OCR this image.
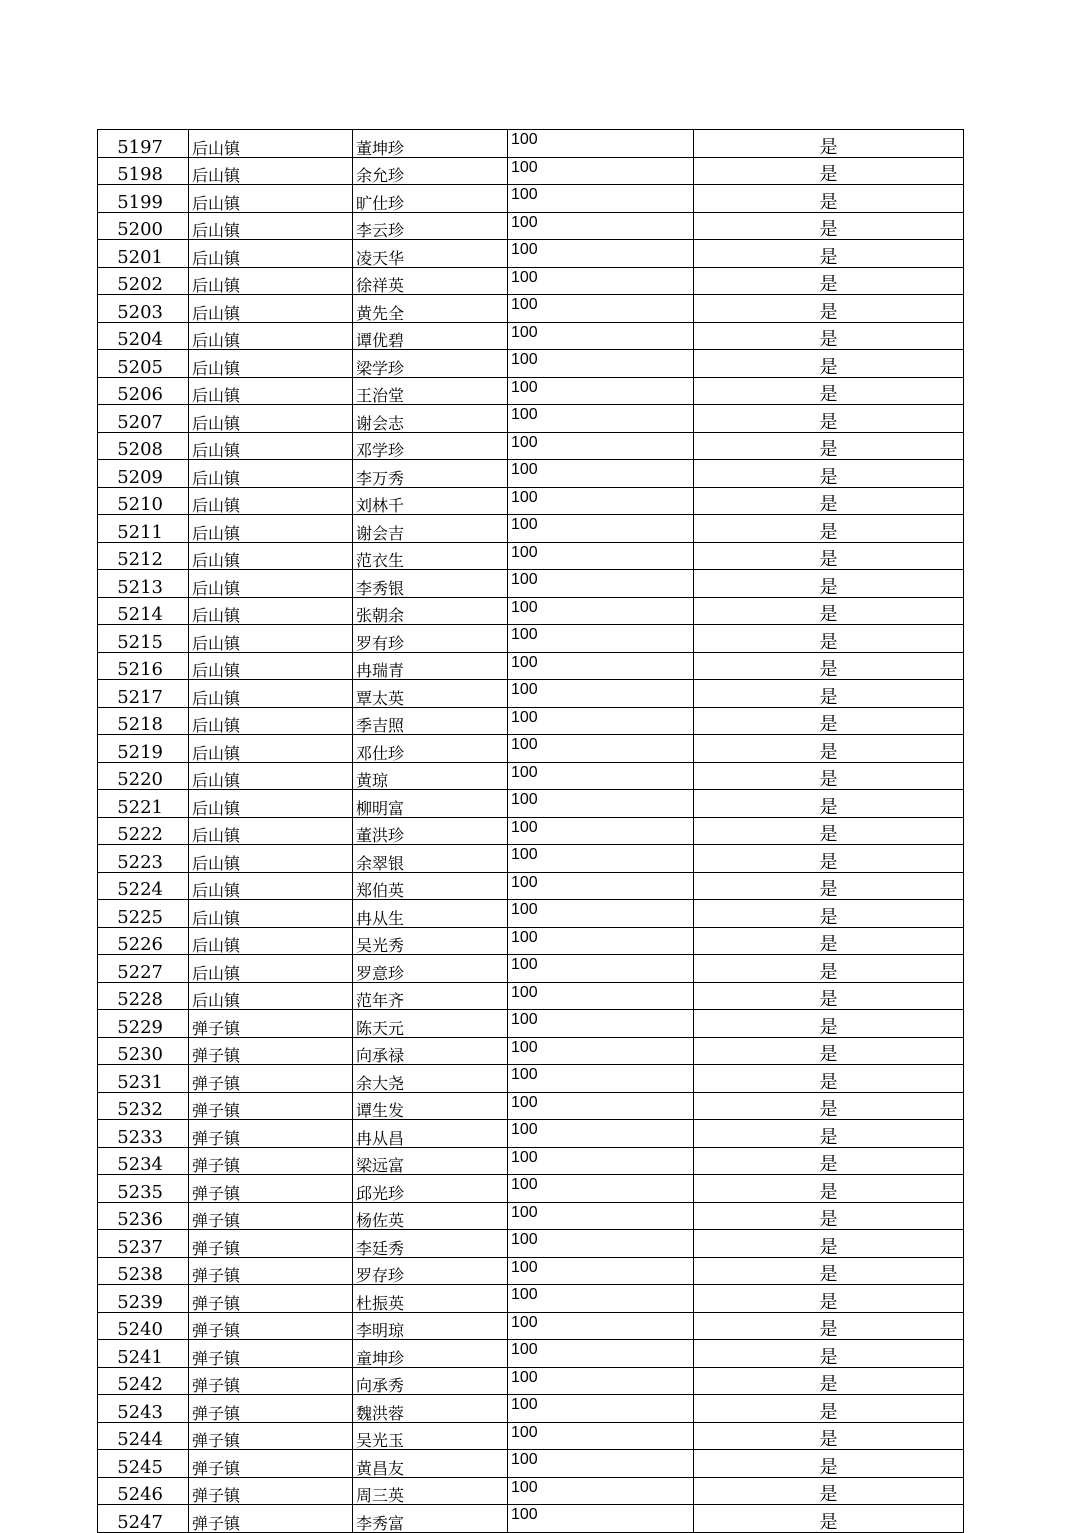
5197	后山镇	董坤珍	100	是
5198	后山镇	余允珍	100	是
5199	后山镇	旷仕珍	100	是
5200	后山镇	李云珍	100	是
5201	后山镇	凌天华	100	是
5202	后山镇	徐祥英	100	是
5203	后山镇	黄先全	100	是
5204	后山镇	谭优碧	100	是
5205	后山镇	梁学珍	100	是
5206	后山镇	王治堂	100	是
5207	后山镇	谢会志	100	是
5208	后山镇	邓学珍	100	是
5209	后山镇	李万秀	100	是
5210	后山镇	刘林千	100	是
5211	后山镇	谢会吉	100	是
5212	后山镇	范衣生	100	是
5213	后山镇	李秀银	100	是
5214	后山镇	张朝余	100	是
5215	后山镇	罗有珍	100	是
5216	后山镇	冉瑞青	100	是
5217	后山镇	覃太英	100	是
5218	后山镇	季吉照	100	是
5219	后山镇	邓仕珍	100	是
5220	后山镇	黄琼	100	是
5221	后山镇	柳明富	100	是
5222	后山镇	董洪珍	100	是
5223	后山镇	余翠银	100	是
5224	后山镇	郑伯英	100	是
5225	后山镇	冉从生	100	是
5226	后山镇	吴光秀	100	是
5227	后山镇	罗意珍	100	是
5228	后山镇	范年齐	100	是
5229	弹子镇	陈天元	100	是
5230	弹子镇	向承禄	100	是
5231	弹子镇	余大尧	100	是
5232	弹子镇	谭生发	100	是
5233	弹子镇	冉从昌	100	是
5234	弹子镇	梁远富	100	是
5235	弹子镇	邱光珍	100	是
5236	弹子镇	杨佐英	100	是
5237	弹子镇	李廷秀	100	是
5238	弹子镇	罗存珍	100	是
5239	弹子镇	杜振英	100	是
5240	弹子镇	李明琼	100	是
5241	弹子镇	童坤珍	100	是
5242	弹子镇	向承秀	100	是
5243	弹子镇	魏洪蓉	100	是
5244	弹子镇	吴光玉	100	是
5245	弹子镇	黄昌友	100	是
5246	弹子镇	周三英	100	是
5247	弹子镇	李秀富	100	是
